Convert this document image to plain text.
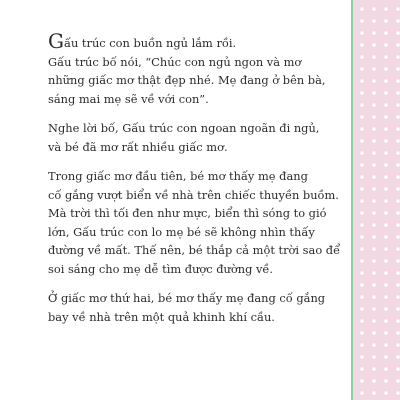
Gấu trúc con buồn ngủ lắm rồi.
Gấu trúc bố nói, “Chúc con ngủ ngon và mơ
những giấc mơ thật đẹp nhé. Mẹ đang ở bên bà,
sáng mai mẹ sẽ về với con”.

Nghe lời bố, Gấu trúc con ngoan ngoãn đi ngủ,
và bé đã mơ rất nhiều giấc mơ.

Trong giấc mơ đầu tiên, bé mơ thấy mẹ đang
cố gắng vượt biển về nhà trên chiếc thuyền buồm.
Mà trời thì tối đen như mực, biển thì sóng to gió
lớn, Gấu trúc con lo mẹ bé sẽ không nhìn thấy
đường về mất. Thế nên, bé thắp cả một trời sao để
soi sáng cho mẹ dễ tìm được đường về.

Ở giấc mơ thứ hai, bé mơ thấy mẹ đang cố gắng
bay về nhà trên một quả khinh khí cầu.
